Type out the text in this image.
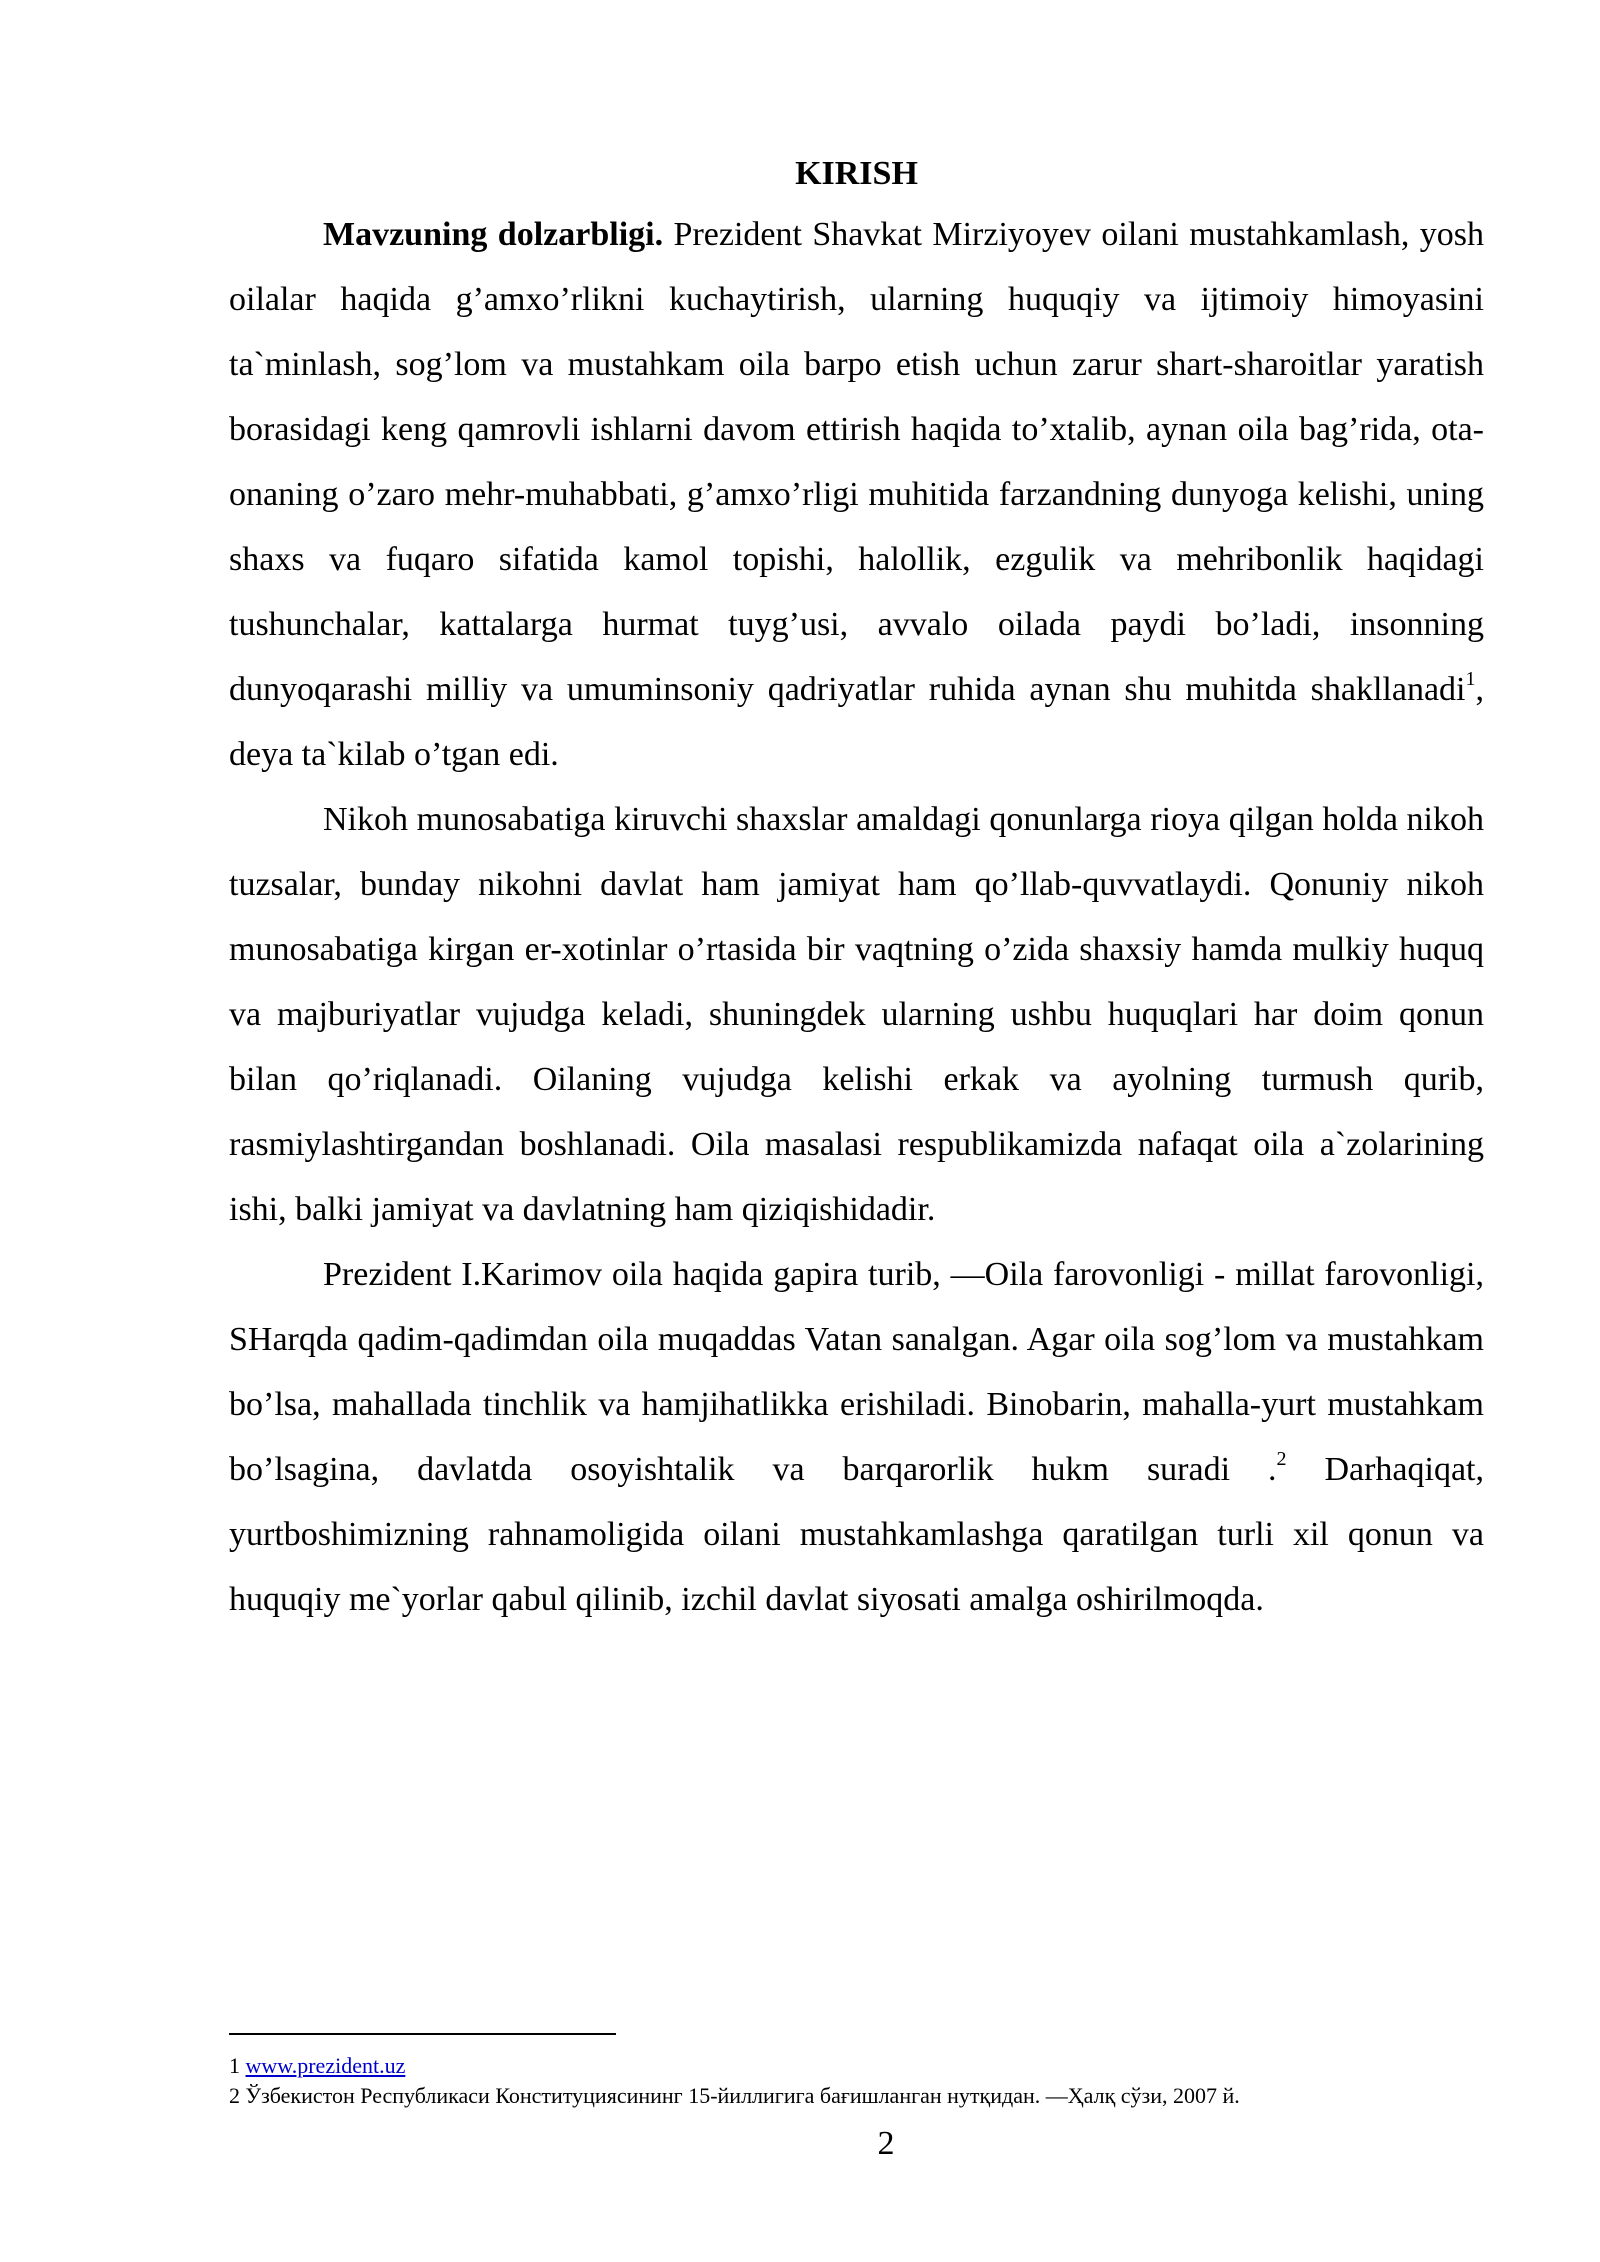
KIRISH

Mavzuning dolzarbligi. Prezident Shavkat Mirziyoyev oilani mustahkamlash, yosh oilalar haqida g’amxo’rlikni kuchaytirish, ularning huquqiy va ijtimoiy himoyasini ta`minlash, sog’lom va mustahkam oila barpo etish uchun zarur shart-sharoitlar yaratish borasidagi keng qamrovli ishlarni davom ettirish haqida to’xtalib, aynan oila bag’rida, ota-onaning o’zaro mehr-muhabbati, g’amxo’rligi muhitida farzandning dunyoga kelishi, uning shaxs va fuqaro sifatida kamol topishi, halollik, ezgulik va mehribonlik haqidagi tushunchalar, kattalarga hurmat tuyg’usi, avvalo oilada paydi bo’ladi, insonning dunyoqarashi milliy va umuminsoniy qadriyatlar ruhida aynan shu muhitda shakllanadi$^1$, deya ta`kilab o’tgan edi.

Nikoh munosabatiga kiruvchi shaxslar amaldagi qonunlarga rioya qilgan holda nikoh tuzsalar, bunday nikohni davlat ham jamiyat ham qo’llab-quvvatlaydi. Qonuniy nikoh munosabatiga kirgan er-xotinlar o’rtasida bir vaqtning o’zida shaxsiy hamda mulkiy huquq va majburiyatlar vujudga keladi, shuningdek ularning ushbu huquqlari har doim qonun bilan qo’riqlanadi. Oilaning vujudga kelishi erkak va ayolning turmush qurib, rasmiylashtirgandan boshlanadi. Oila masalasi respublikamizda nafaqat oila a`zolarining ishi, balki jamiyat va davlatning ham qiziqishidadir.

Prezident I.Karimov oila haqida gapira turib, —Oila farovonligi - millat farovonligi, SHarqda qadim-qadimdan oila muqaddas Vatan sanalgan. Agar oila sog’lom va mustahkam bo’lsa, mahallada tinchlik va hamjihatlikka erishiladi. Binobarin, mahalla-yurt mustahkam bo’lsagina, davlatda osoyishtalik va barqarorlik hukm suradi .$^2$ Darhaqiqat, yurtboshimizning rahnamoligida oilani mustahkamlashga qaratilgan turli xil qonun va huquqiy me`yorlar qabul qilinib, izchil davlat siyosati amalga oshirilmoqda.

1 www.prezident.uz

2 Ўзбекистон Республикаси Конституциясининг 15-йиллигига бағишланган нутқидан. —Ҳалқ сўзи, 2007 й.

2
